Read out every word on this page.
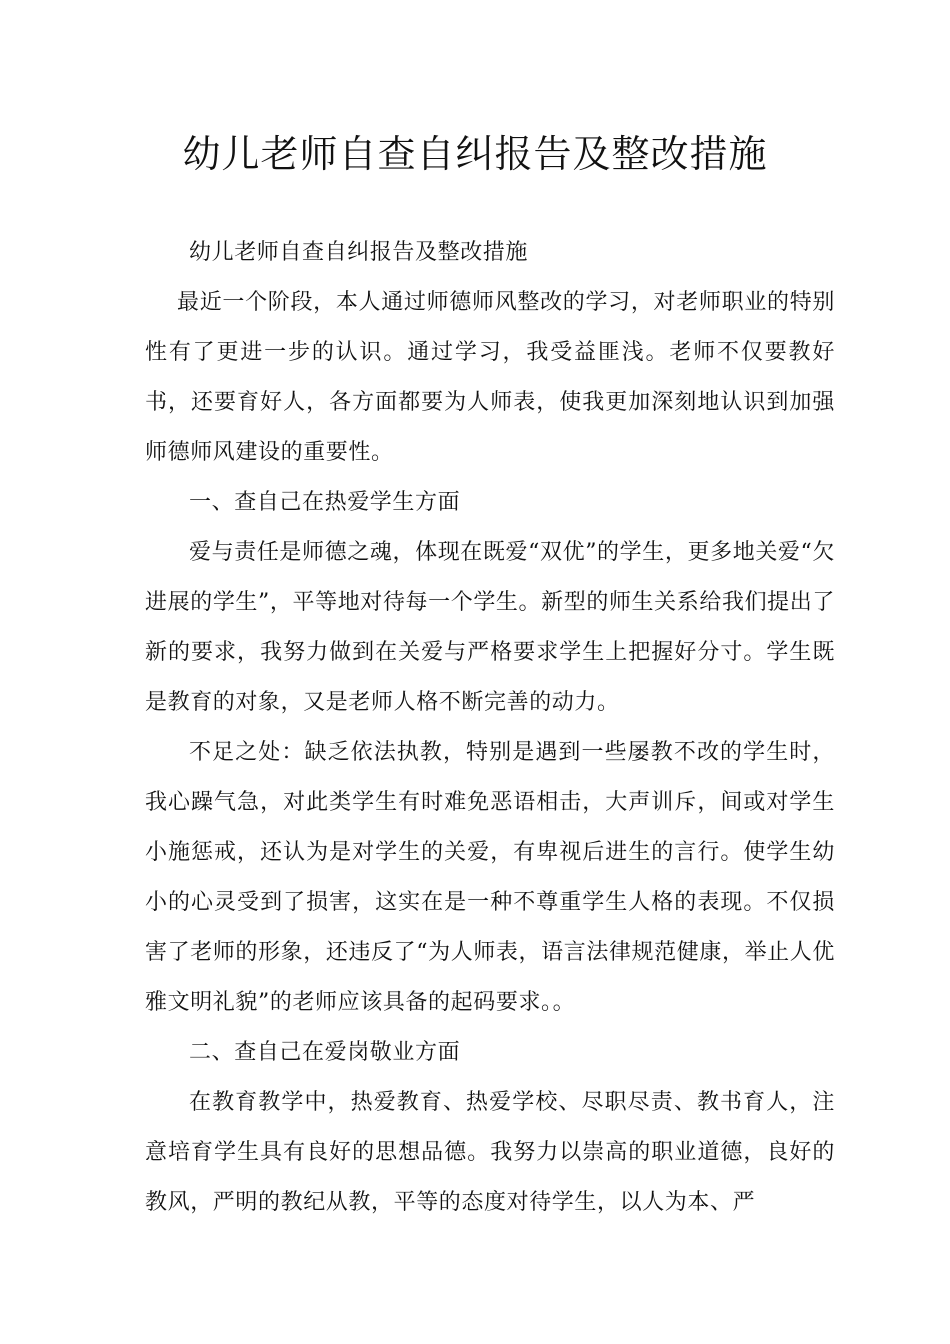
幼儿老师自查自纠报告及整改措施

幼儿老师自查自纠报告及整改措施

最近一个阶段，本人通过师德师风整改的学习，对老师职业的特别性有了更进一步的认识。通过学习，我受益匪浅。老师不仅要教好书，还要育好人，各方面都要为人师表，使我更加深刻地认识到加强师德师风建设的重要性。

一、查自己在热爱学生方面

爱与责任是师德之魂，体现在既爱“双优”的学生，更多地关爱“欠进展的学生”，平等地对待每一个学生。新型的师生关系给我们提出了新的要求，我努力做到在关爱与严格要求学生上把握好分寸。学生既是教育的对象，又是老师人格不断完善的动力。

不足之处：缺乏依法执教，特别是遇到一些屡教不改的学生时，我心躁气急，对此类学生有时难免恶语相击，大声训斥，间或对学生小施惩戒，还认为是对学生的关爱，有卑视后进生的言行。使学生幼小的心灵受到了损害，这实在是一种不尊重学生人格的表现。不仅损害了老师的形象，还违反了“为人师表，语言法律规范健康，举止人优雅文明礼貌”的老师应该具备的起码要求。。

二、查自己在爱岗敬业方面

在教育教学中，热爱教育、热爱学校、尽职尽责、教书育人，注意培育学生具有良好的思想品德。我努力以崇高的职业道德，良好的教风，严明的教纪从教，平等的态度对待学生，以人为本、严
